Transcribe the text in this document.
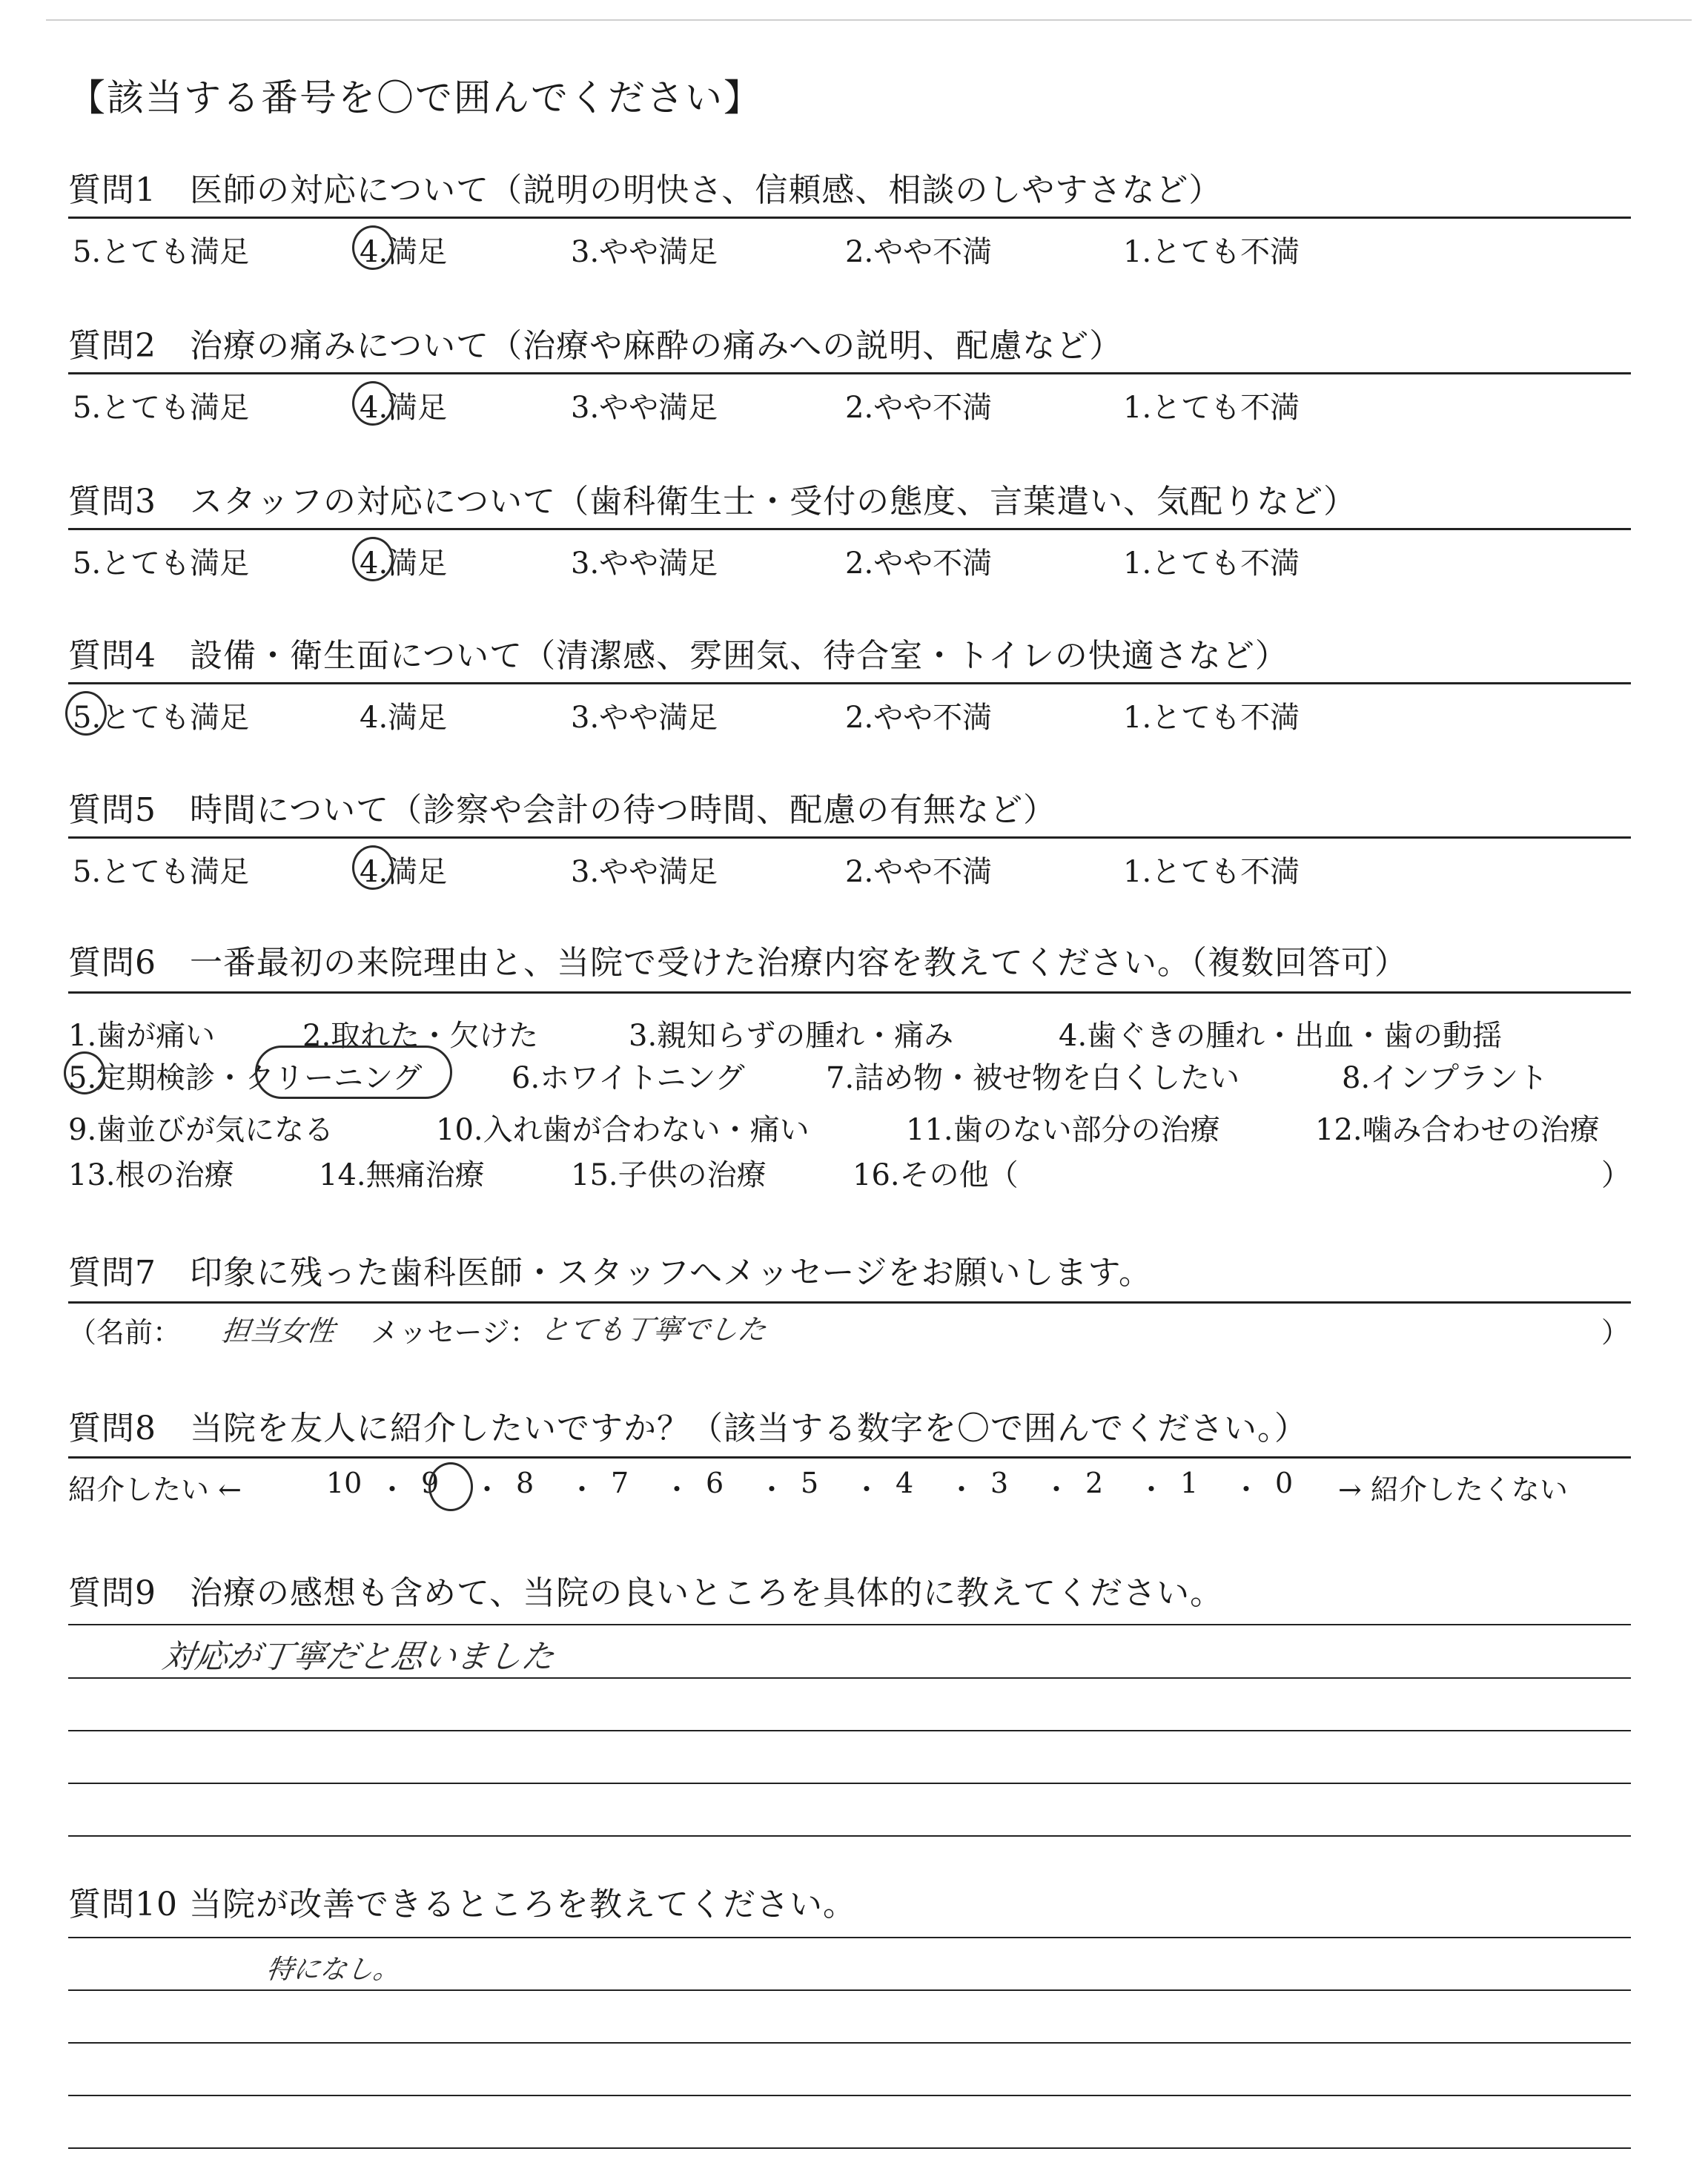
【該当する番号を〇で囲んでください】
質問1　医師の対応について（説明の明快さ、信頼感、相談のしやすさなど）
5.とても満足	4.満足	3.やや満足	2.やや不満	1.とても不満
質問2　治療の痛みについて（治療や麻酔の痛みへの説明、配慮など）
5.とても満足	4.満足	3.やや満足	2.やや不満	1.とても不満
質問3　スタッフの対応について（歯科衛生士・受付の態度、言葉遣い、気配りなど）
5.とても満足	4.満足	3.やや満足	2.やや不満	1.とても不満
質問4　設備・衛生面について（清潔感、雰囲気、待合室・トイレの快適さなど）
5.とても満足	4.満足	3.やや満足	2.やや不満	1.とても不満
質問5　時間について（診察や会計の待つ時間、配慮の有無など）
5.とても満足	4.満足	3.やや満足	2.やや不満	1.とても不満
質問6　一番最初の来院理由と、当院で受けた治療内容を教えてください。（複数回答可）
1.歯が痛い	2.取れた・欠けた	3.親知らずの腫れ・痛み	4.歯ぐきの腫れ・出血・歯の動揺
5.定期検診・クリーニング	6.ホワイトニング	7.詰め物・被せ物を白くしたい	8.インプラント
9.歯並びが気になる	10.入れ歯が合わない・痛い	11.歯のない部分の治療	12.噛み合わせの治療
13.根の治療	14.無痛治療	15.子供の治療	16.その他（	）
質問7　印象に残った歯科医師・スタッフへメッセージをお願いします。
（名前： 担当女性 メッセージ： とても丁寧でした	）
質問8　当院を友人に紹介したいですか？（該当する数字を〇で囲んでください。）
紹介したい ←	→ 紹介したくない
10 ・ 9 ・ 8 ・ 7 ・ 6 ・ 5 ・ 4 ・ 3 ・ 2 ・ 1 ・ 0
質問9　治療の感想も含めて、当院の良いところを具体的に教えてください。
対応が丁寧だと思いました
質問10 当院が改善できるところを教えてください。
特になし。
